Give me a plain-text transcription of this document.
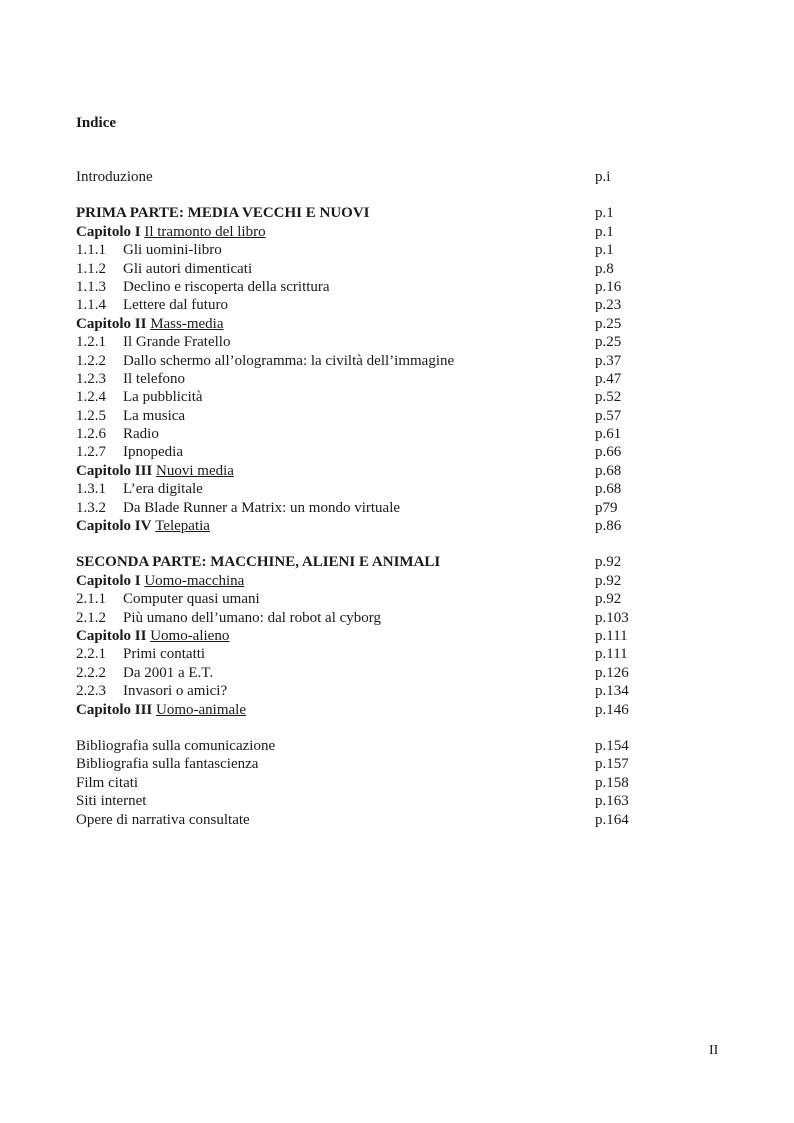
Indice
Introduzione	p.i
PRIMA PARTE: MEDIA VECCHI E NUOVI	p.1
Capitolo I Il tramonto del libro	p.1
1.1.1 Gli uomini-libro	p.1
1.1.2 Gli autori dimenticati	p.8
1.1.3 Declino e riscoperta della scrittura	p.16
1.1.4 Lettere dal futuro	p.23
Capitolo II Mass-media	p.25
1.2.1 Il Grande Fratello	p.25
1.2.2 Dallo schermo all’ologramma: la civiltà dell’immagine	p.37
1.2.3 Il telefono	p.47
1.2.4 La pubblicità	p.52
1.2.5 La musica	p.57
1.2.6 Radio	p.61
1.2.7 Ipnopedia	p.66
Capitolo III Nuovi media	p.68
1.3.1 L’era digitale	p.68
1.3.2 Da Blade Runner a Matrix: un mondo virtuale	p79
Capitolo IV Telepatia	p.86
SECONDA PARTE: MACCHINE, ALIENI E ANIMALI	p.92
Capitolo I Uomo-macchina	p.92
2.1.1 Computer quasi umani	p.92
2.1.2 Più umano dell’umano: dal robot al cyborg	p.103
Capitolo II Uomo-alieno	p.111
2.2.1 Primi contatti	p.111
2.2.2 Da 2001 a E.T.	p.126
2.2.3 Invasori o amici?	p.134
Capitolo III Uomo-animale	p.146
Bibliografia sulla comunicazione	p.154
Bibliografia sulla fantascienza	p.157
Film citati	p.158
Siti internet	p.163
Opere di narrativa consultate	p.164
II
